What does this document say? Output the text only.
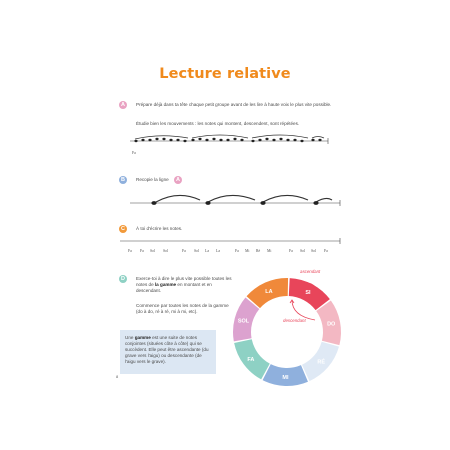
Lecture relative
A	Prépare déjà dans ta tête chaque petit groupe avant de les lire à haute voix le plus vite possible.
Étudie bien les mouvements : les notes qui montent, descendent, sont répétées.
Fa
B	Recopie la ligne	A
C	À toi d'écrire les notes.
Fa Fa Sol Sol	Fa Sol La La	Fa Mi Ré Mi	Fa Sol Sol Fa
D	Exerce-toi à dire le plus vite possible toutes les notes de la gamme en montant et en descendant.
Commence par toutes les notes de la gamme (do à do, ré à ré, mi à mi, etc).
Une gamme est une suite de notes conjointes (situées côte à côte) qui se succèdent. Elle peut être ascendante (du grave vers l'aigu) ou descendante (de l'aigu vers le grave).
8
SI
DO
RÉ
MI
FA
SOL
LA
ascendant
descendant
